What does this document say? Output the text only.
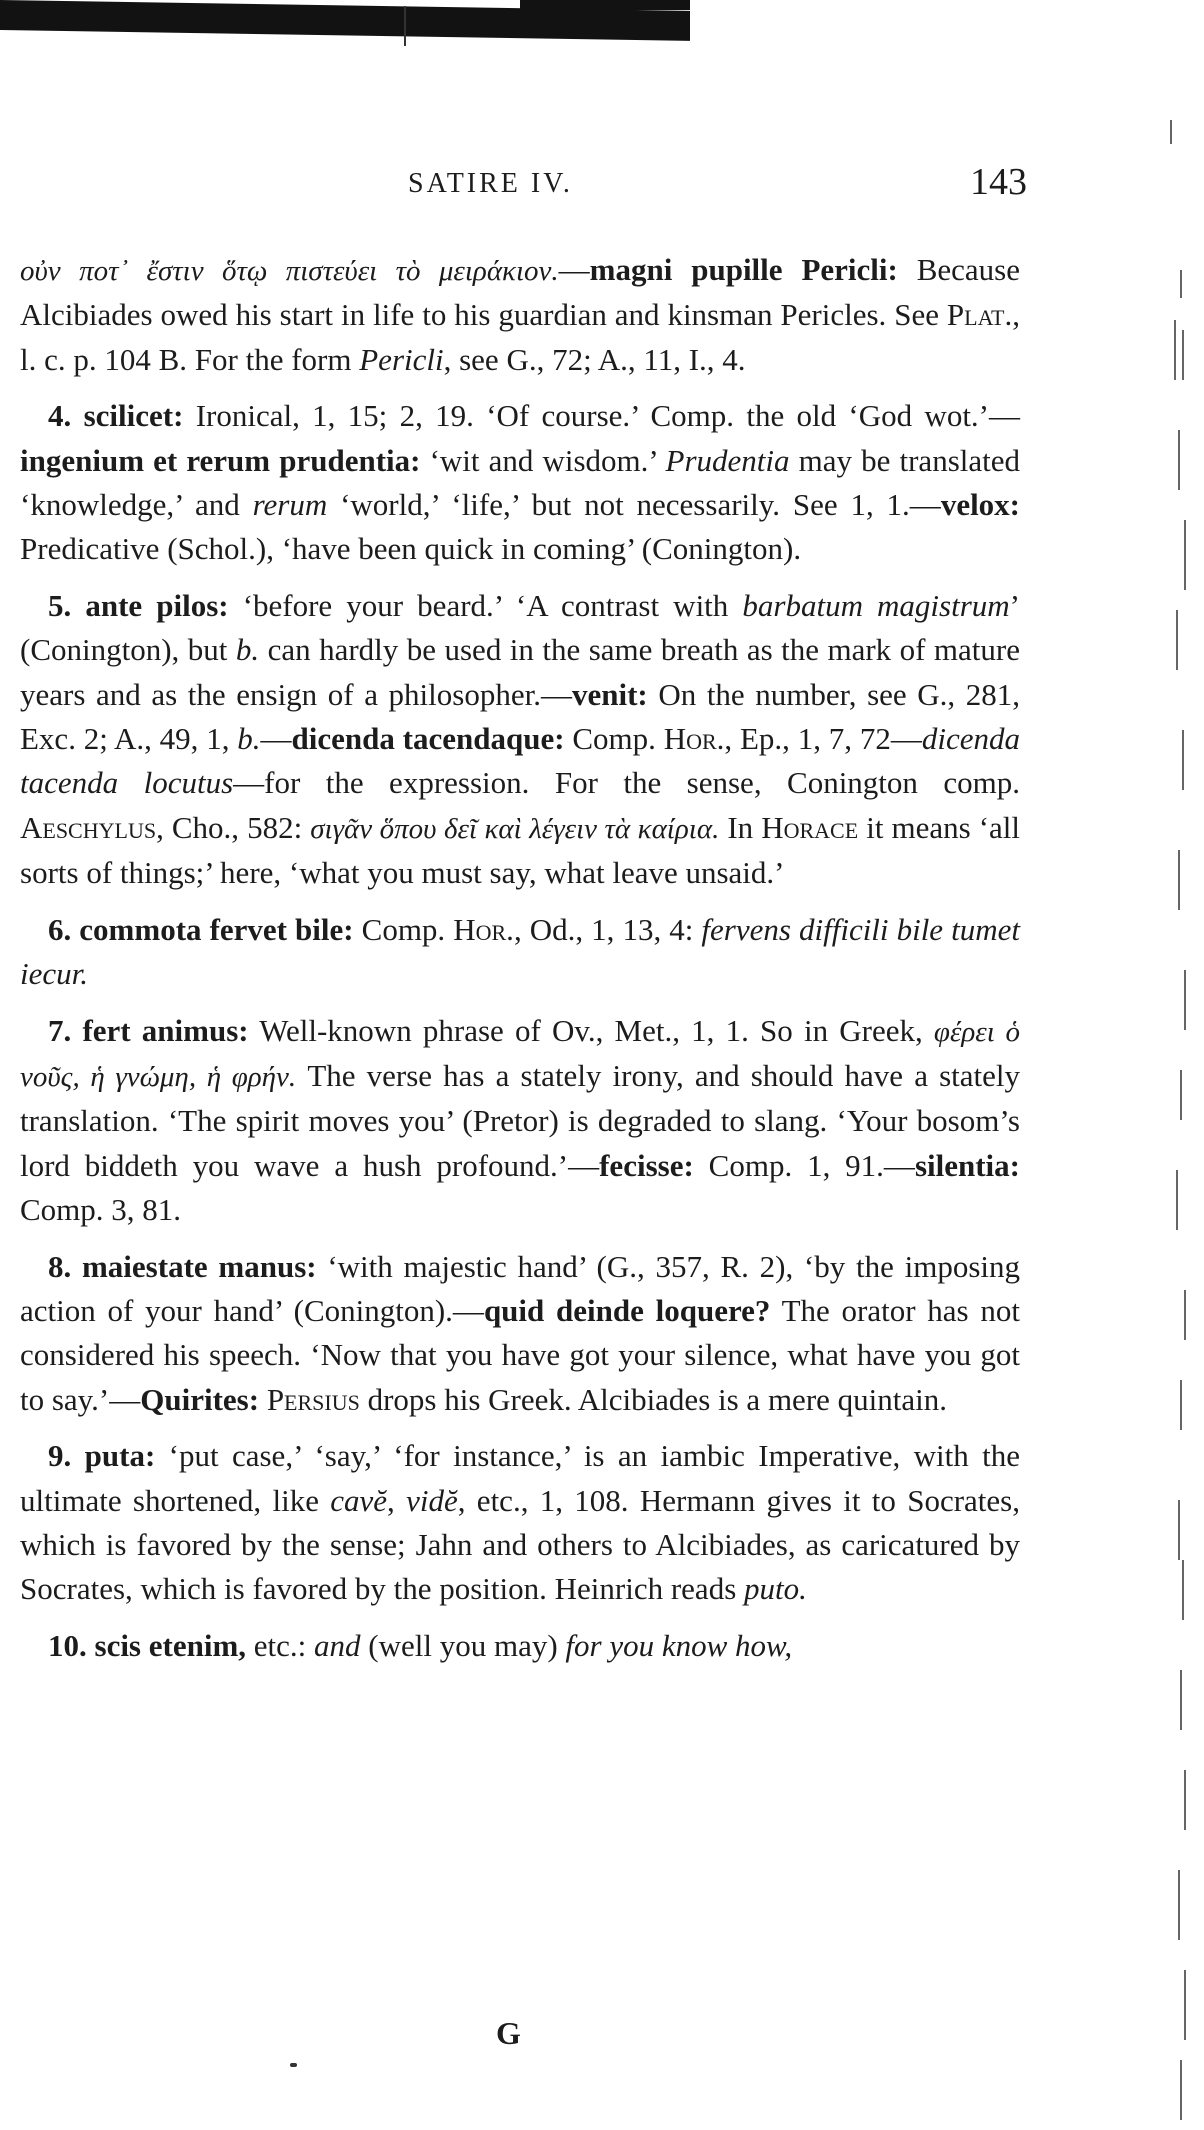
SATIRE IV.	143

οὐν ποτ᾽ ἔστιν ὅτῳ πιστεύει τὸ μειράκιον.—magni pupille Pericli: Because Alcibiades owed his start in life to his guardian and kinsman Pericles. See Plat., l. c. p. 104 B. For the form Pericli, see G., 72; A., 11, I., 4.

4. scilicet: Ironical, 1, 15; 2, 19. ‘Of course.’ Comp. the old ‘God wot.’—ingenium et rerum prudentia: ‘wit and wisdom.’ Prudentia may be translated ‘knowledge,’ and rerum ‘world,’ ‘life,’ but not necessarily. See 1, 1.—velox: Predicative (Schol.), ‘have been quick in coming’ (Conington).

5. ante pilos: ‘before your beard.’ ‘A contrast with barbatum magistrum’ (Conington), but b. can hardly be used in the same breath as the mark of mature years and as the ensign of a philosopher.—venit: On the number, see G., 281, Exc. 2; A., 49, 1, b.—dicenda tacendaque: Comp. Hor., Ep., 1, 7, 72—dicenda tacenda locutus—for the expression. For the sense, Conington comp. Aeschylus, Cho., 582: σιγᾶν ὅπου δεῖ καὶ λέγειν τὰ καίρια. In Horace it means ‘all sorts of things;’ here, ‘what you must say, what leave unsaid.’

6. commota fervet bile: Comp. Hor., Od., 1, 13, 4: fervens difficili bile tumet iecur.

7. fert animus: Well-known phrase of Ov., Met., 1, 1. So in Greek, φέρει ὁ νοῦς, ἡ γνώμη, ἡ φρήν. The verse has a stately irony, and should have a stately translation. ‘The spirit moves you’ (Pretor) is degraded to slang. ‘Your bosom’s lord biddeth you wave a hush profound.’—fecisse: Comp. 1, 91.—silentia: Comp. 3, 81.

8. maiestate manus: ‘with majestic hand’ (G., 357, R. 2), ‘by the imposing action of your hand’ (Conington).—quid deinde loquere? The orator has not considered his speech. ‘Now that you have got your silence, what have you got to say.’—Quirites: Persius drops his Greek. Alcibiades is a mere quintain.

9. puta: ‘put case,’ ‘say,’ ‘for instance,’ is an iambic Imperative, with the ultimate shortened, like cavĕ, vidĕ, etc., 1, 108. Hermann gives it to Socrates, which is favored by the sense; Jahn and others to Alcibiades, as caricatured by Socrates, which is favored by the position. Heinrich reads puto.

10. scis etenim, etc.: and (well you may) for you know how,

G
